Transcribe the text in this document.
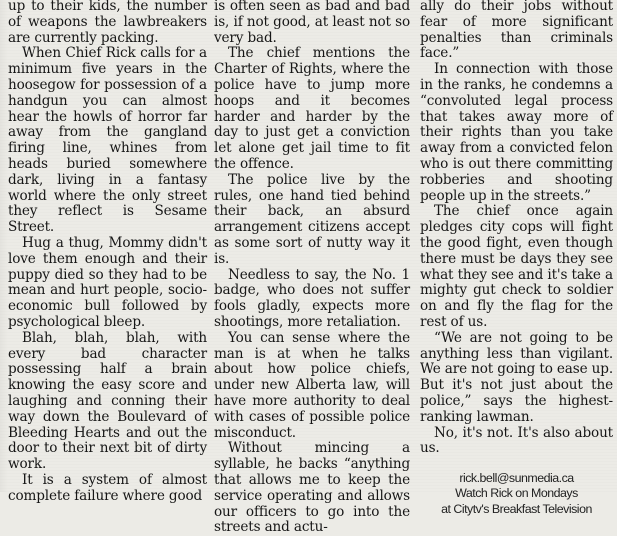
up to their kids, the number of weapons the lawbreakers are currently packing.

When Chief Rick calls for a minimum five years in the hoosegow for possession of a handgun you can almost hear the howls of horror far away from the gangland firing line, whines from heads buried somewhere dark, living in a fantasy world where the only street they reflect is Sesame Street.

Hug a thug, Mommy didn't love them enough and their puppy died so they had to be mean and hurt people, socio-economic bull followed by psychological bleep.

Blah, blah, blah, with every bad character possessing half a brain knowing the easy score and laughing and conning their way down the Boulevard of Bleeding Hearts and out the door to their next bit of dirty work.

It is a system of almost complete failure where good

is often seen as bad and bad is, if not good, at least not so very bad.

The chief mentions the Charter of Rights, where the police have to jump more hoops and it becomes harder and harder by the day to just get a conviction let alone get jail time to fit the offence.

The police live by the rules, one hand tied behind their back, an absurd arrangement citizens accept as some sort of nutty way it is.

Needless to say, the No. 1 badge, who does not suffer fools gladly, expects more shootings, more retaliation.

You can sense where the man is at when he talks about how police chiefs, under new Alberta law, will have more authority to deal with cases of possible police misconduct.

Without mincing a syllable, he backs “anything that allows me to keep the service operating and allows our officers to go into the streets and actu-

ally do their jobs without fear of more significant penalties than criminals face.”

In connection with those in the ranks, he condemns a “convoluted legal process that takes away more of their rights than you take away from a convicted felon who is out there committing robberies and shooting people up in the streets.”

The chief once again pledges city cops will fight the good fight, even though there must be days they see what they see and it's take a mighty gut check to soldier on and fly the flag for the rest of us.

“We are not going to be anything less than vigilant. We are not going to ease up. But it's not just about the police,” says the highest-ranking lawman.

No, it's not. It's also about us.

rick.bell@sunmedia.ca
Watch Rick on Mondays
at Citytv's Breakfast Television
